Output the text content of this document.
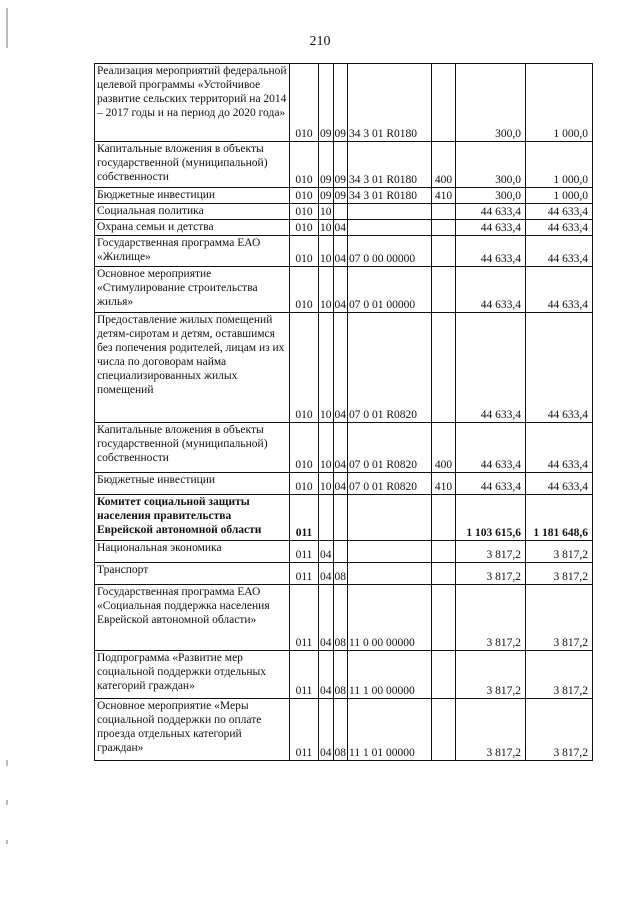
210
Реализация мероприятий федеральной целевой программы «Устойчивое развитие сельских территорий на 2014 – 2017 годы и на период до 2020 года»	010	09	09	34 3 01 R0180		300,0	1 000,0
Капитальные вложения в объекты государственной (муниципальной) собственности	010	09	09	34 3 01 R0180	400	300,0	1 000,0
Бюджетные инвестиции	010	09	09	34 3 01 R0180	410	300,0	1 000,0
Социальная политика	010	10				44 633,4	44 633,4
Охрана семьи и детства	010	10	04			44 633,4	44 633,4
Государственная программа ЕАО «Жилище»	010	10	04	07 0 00 00000		44 633,4	44 633,4
Основное мероприятие «Стимулирование строительства жилья»	010	10	04	07 0 01 00000		44 633,4	44 633,4
Предоставление жилых помещений детям-сиротам и детям, оставшимся без попечения родителей, лицам из их числа по договорам найма специализированных жилых помещений	010	10	04	07 0 01 R0820		44 633,4	44 633,4
Капитальные вложения в объекты государственной (муниципальной) собственности	010	10	04	07 0 01 R0820	400	44 633,4	44 633,4
Бюджетные инвестиции	010	10	04	07 0 01 R0820	410	44 633,4	44 633,4
Комитет социальной защиты населения правительства Еврейской автономной области	011					1 103 615,6	1 181 648,6
Национальная экономика	011	04				3 817,2	3 817,2
Транспорт	011	04	08			3 817,2	3 817,2
Государственная программа ЕАО «Социальная поддержка населения Еврейской автономной области»	011	04	08	11 0 00 00000		3 817,2	3 817,2
Подпрограмма «Развитие мер социальной поддержки отдельных категорий граждан»	011	04	08	11 1 00 00000		3 817,2	3 817,2
Основное мероприятие «Меры социальной поддержки по оплате проезда отдельных категорий граждан»	011	04	08	11 1 01 00000		3 817,2	3 817,2
